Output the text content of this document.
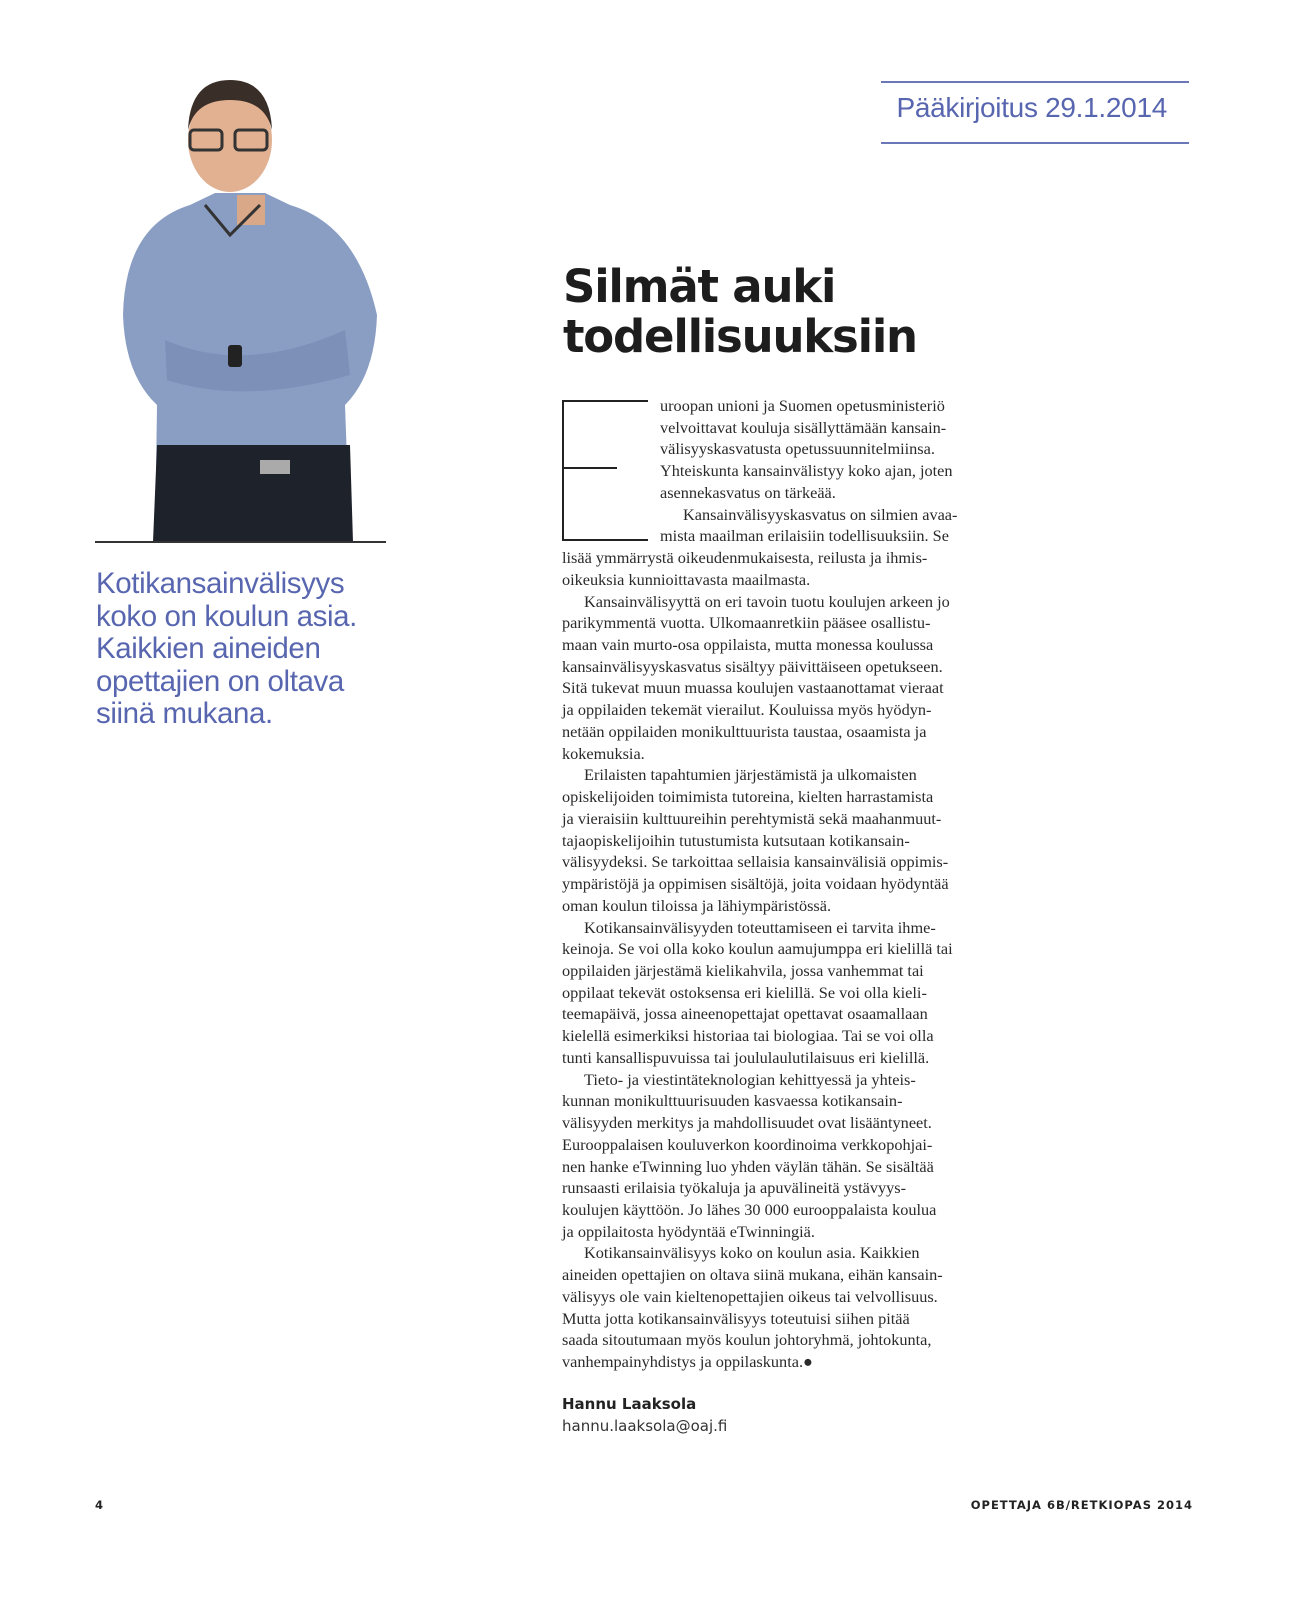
Pääkirjoitus 29.1.2014
Kotikansainvälisyys
koko on koulun asia.
Kaikkien aineiden
opettajien on oltava
siinä mukana.
Silmät auki
todellisuuksiin
uroopan unioni ja Suomen opetusministeriö
velvoittavat kouluja sisällyttämään kansain-
välisyyskasvatusta opetussuunnitelmiinsa.
Yhteiskunta kansainvälistyy koko ajan, joten
asennekasvatus on tärkeää.
Kansainvälisyyskasvatus on silmien avaa-
mista maailman erilaisiin todellisuuksiin. Se
lisää ymmärrystä oikeudenmukaisesta, reilusta ja ihmis-
oikeuksia kunnioittavasta maailmasta.
Kansainvälisyyttä on eri tavoin tuotu koulujen arkeen jo
parikymmentä vuotta. Ulkomaanretkiin pääsee osallistu-
maan vain murto-osa oppilaista, mutta monessa koulussa
kansainvälisyyskasvatus sisältyy päivittäiseen opetukseen.
Sitä tukevat muun muassa koulujen vastaanottamat vieraat
ja oppilaiden tekemät vierailut. Kouluissa myös hyödyn-
netään oppilaiden monikulttuurista taustaa, osaamista ja
kokemuksia.
Erilaisten tapahtumien järjestämistä ja ulkomaisten
opiskelijoiden toimimista tutoreina, kielten harrastamista
ja vieraisiin kulttuureihin perehtymistä sekä maahanmuut-
tajaopiskelijoihin tutustumista kutsutaan kotikansain-
välisyydeksi. Se tarkoittaa sellaisia kansainvälisiä oppimis-
ympäristöjä ja oppimisen sisältöjä, joita voidaan hyödyntää
oman koulun tiloissa ja lähiympäristössä.
Kotikansainvälisyyden toteuttamiseen ei tarvita ihme-
keinoja. Se voi olla koko koulun aamujumppa eri kielillä tai
oppilaiden järjestämä kielikahvila, jossa vanhemmat tai
oppilaat tekevät ostoksensa eri kielillä. Se voi olla kieli-
teemapäivä, jossa aineenopettajat opettavat osaamallaan
kielellä esimerkiksi historiaa tai biologiaa. Tai se voi olla
tunti kansallispuvuissa tai joululaulutilaisuus eri kielillä.
Tieto- ja viestintäteknologian kehittyessä ja yhteis-
kunnan monikulttuurisuuden kasvaessa kotikansain-
välisyyden merkitys ja mahdollisuudet ovat lisääntyneet.
Eurooppalaisen kouluverkon koordinoima verkkopohjai-
nen hanke eTwinning luo yhden väylän tähän. Se sisältää
runsaasti erilaisia työkaluja ja apuvälineitä ystävyys-
koulujen käyttöön. Jo lähes 30 000 eurooppalaista koulua
ja oppilaitosta hyödyntää eTwinningiä.
Kotikansainvälisyys koko on koulun asia. Kaikkien
aineiden opettajien on oltava siinä mukana, eihän kansain-
välisyys ole vain kieltenopettajien oikeus tai velvollisuus.
Mutta jotta kotikansainvälisyys toteutuisi siihen pitää
saada sitoutumaan myös koulun johtoryhmä, johtokunta,
vanhempainyhdistys ja oppilaskunta.●
Hannu Laaksola
hannu.laaksola@oaj.fi
4	OPETTAJA 6B/RETKIOPAS 2014
